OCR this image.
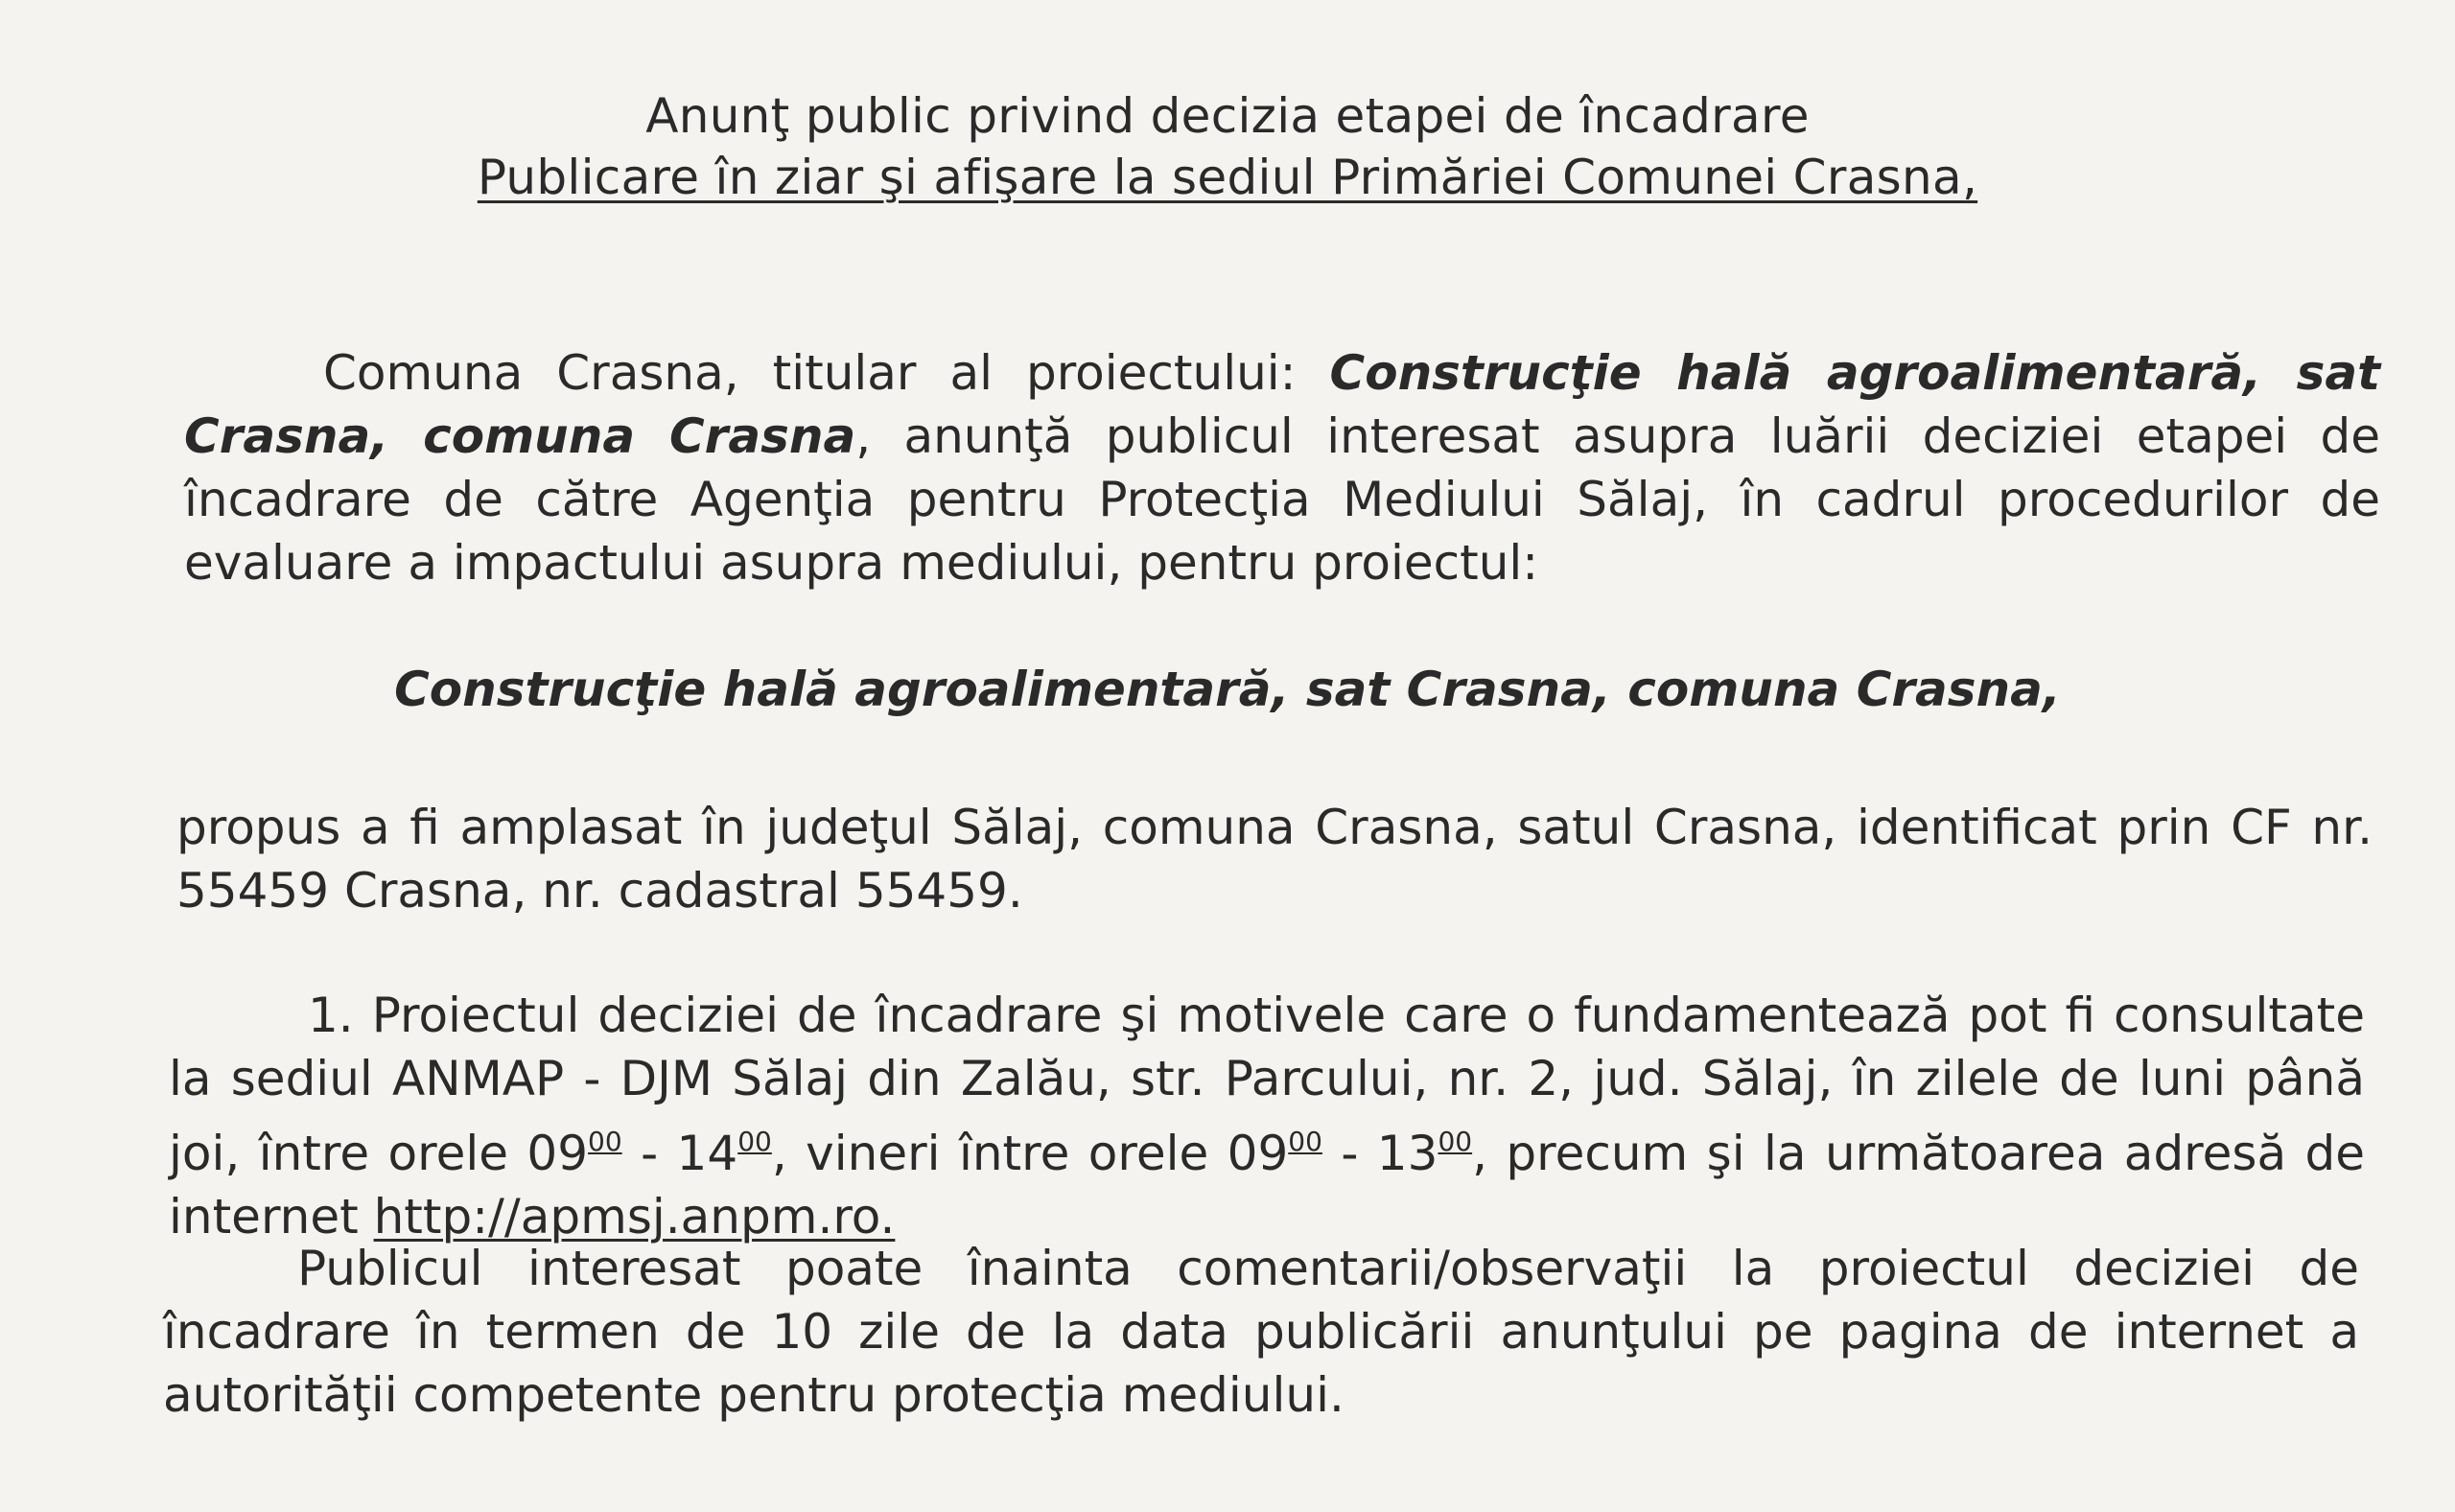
Anunţ public privind decizia etapei de încadrare
Publicare în ziar şi afişare la sediul Primăriei Comunei Crasna,
Comuna Crasna, titular al proiectului: Construcţie hală agroalimentară, sat Crasna, comuna Crasna, anunţă publicul interesat asupra luării deciziei etapei de încadrare de către Agenţia pentru Protecţia Mediului Sălaj, în cadrul procedurilor de evaluare a impactului asupra mediului, pentru proiectul:
Construcţie hală agroalimentară, sat Crasna, comuna Crasna,
propus a fi amplasat în judeţul Sălaj, comuna Crasna, satul Crasna, identificat prin CF nr. 55459 Crasna, nr. cadastral 55459.
1. Proiectul deciziei de încadrare şi motivele care o fundamentează pot fi consultate la sediul ANMAP - DJM Sălaj din Zalău, str. Parcului, nr. 2, jud. Sălaj, în zilele de luni până joi, între orele $09^{00} - 14^{00}$, vineri între orele $09^{00} - 13^{00}$, precum şi la următoarea adresă de internet http://apmsj.anpm.ro.
Publicul interesat poate înainta comentarii/observaţii la proiectul deciziei de încadrare în termen de 10 zile de la data publicării anunţului pe pagina de internet a autorităţii competente pentru protecţia mediului.
